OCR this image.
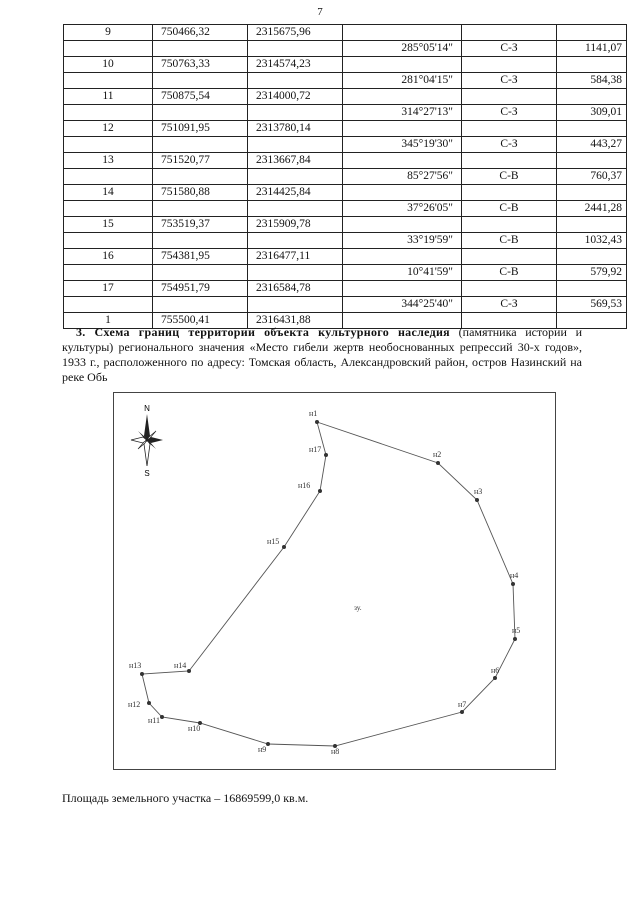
7
9	750466,32	2315675,96			
			285°05'14"	С-З	1141,07
10	750763,33	2314574,23			
			281°04'15"	С-З	584,38
11	750875,54	2314000,72			
			314°27'13"	С-З	309,01
12	751091,95	2313780,14			
			345°19'30"	С-З	443,27
13	751520,77	2313667,84			
			85°27'56"	С-В	760,37
14	751580,88	2314425,84			
			37°26'05"	С-В	2441,28
15	753519,37	2315909,78			
			33°19'59"	С-В	1032,43
16	754381,95	2316477,11			
			10°41'59"	С-В	579,92
17	754951,79	2316584,78			
			344°25'40"	С-З	569,53
1	755500,41	2316431,88			
3. Схема границ территории объекта культурного наследия (памятника истории и культуры) регионального значения «Место гибели жертв необоснованных репрессий 30-х годов», 1933 г., расположенного по адресу: Томская область, Александровский район, остров Назинский на реке Обь
N
S
зу.
н1
н2
н3
н4
н5
н6
н7
н8
н9
н10
н11
н12
н13	н14
н15
н16
н17
Площадь земельного участка – 16869599,0 кв.м.
